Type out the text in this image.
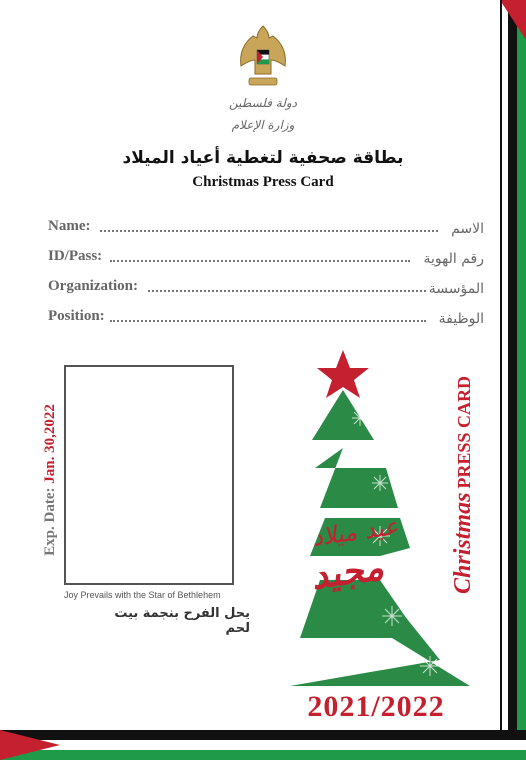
دولة فلسطين
وزارة الإعلام
بطاقة صحفية لتغطية أعياد الميلاد
Christmas Press Card
Name:	الاسم
ID/Pass:	رقم الهوية
Organization:	المؤسسة
Position:	الوظيفة
Exp. Date: Jan. 30,2022
Joy Prevails with the Star of Bethlehem
يحل الفرح بنجمة بيت لحم
عيد ميلاد
مجيد	Christmas PRESS CARD
2021/2022
